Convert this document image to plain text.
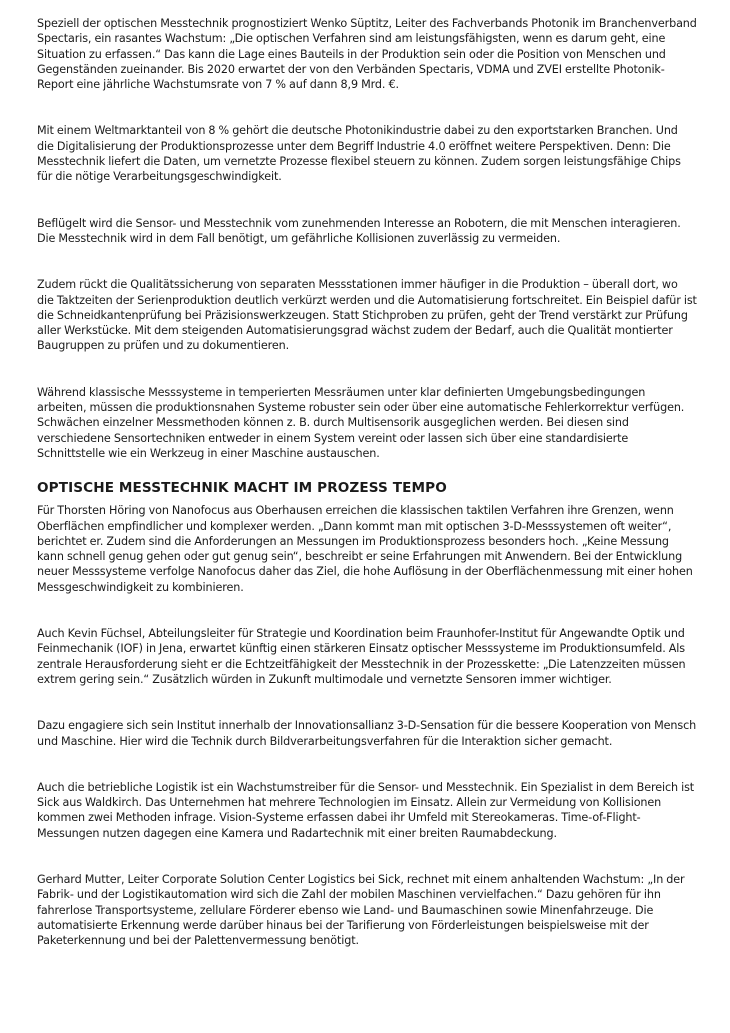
Speziell der optischen Messtechnik prognostiziert Wenko Süptitz, Leiter des Fachverbands Photonik im Branchenverband Spectaris, ein rasantes Wachstum: „Die optischen Verfahren sind am leistungsfähigsten, wenn es darum geht, eine Situation zu erfassen.“ Das kann die Lage eines Bauteils in der Produktion sein oder die Position von Menschen und Gegenständen zueinander. Bis 2020 erwartet der von den Verbänden Spectaris, VDMA und ZVEI erstellte Photonik-Report eine jährliche Wachstumsrate von 7 % auf dann 8,9 Mrd. €.

Mit einem Weltmarktanteil von 8 % gehört die deutsche Photonikindustrie dabei zu den exportstarken Branchen. Und die Digitalisierung der Produktionsprozesse unter dem Begriff Industrie 4.0 eröffnet weitere Perspektiven. Denn: Die Messtechnik liefert die Daten, um vernetzte Prozesse flexibel steuern zu können. Zudem sorgen leistungsfähige Chips für die nötige Verarbeitungsgeschwindigkeit.

Beflügelt wird die Sensor- und Messtechnik vom zunehmenden Interesse an Robotern, die mit Menschen interagieren. Die Messtechnik wird in dem Fall benötigt, um gefährliche Kollisionen zuverlässig zu vermeiden.

Zudem rückt die Qualitätssicherung von separaten Messstationen immer häufiger in die Produktion – überall dort, wo die Taktzeiten der Serienproduktion deutlich verkürzt werden und die Automatisierung fortschreitet. Ein Beispiel dafür ist die Schneidkantenprüfung bei Präzisionswerkzeugen. Statt Stichproben zu prüfen, geht der Trend verstärkt zur Prüfung aller Werkstücke. Mit dem steigenden Automatisierungsgrad wächst zudem der Bedarf, auch die Qualität montierter Baugruppen zu prüfen und zu dokumentieren.

Während klassische Messsysteme in temperierten Messräumen unter klar definierten Umgebungsbedingungen arbeiten, müssen die produktionsnahen Systeme robuster sein oder über eine automatische Fehlerkorrektur verfügen. Schwächen einzelner Messmethoden können z. B. durch Multisensorik ausgeglichen werden. Bei diesen sind verschiedene Sensortechniken entweder in einem System vereint oder lassen sich über eine standardisierte Schnittstelle wie ein Werkzeug in einer Maschine austauschen.

OPTISCHE MESSTECHNIK MACHT IM PROZESS TEMPO

Für Thorsten Höring von Nanofocus aus Oberhausen erreichen die klassischen taktilen Verfahren ihre Grenzen, wenn Oberflächen empfindlicher und komplexer werden. „Dann kommt man mit optischen 3-D-Messsystemen oft weiter“, berichtet er. Zudem sind die Anforderungen an Messungen im Produktionsprozess besonders hoch. „Keine Messung kann schnell genug gehen oder gut genug sein“, beschreibt er seine Erfahrungen mit Anwendern. Bei der Entwicklung neuer Messsysteme verfolge Nanofocus daher das Ziel, die hohe Auflösung in der Oberflächenmessung mit einer hohen Messgeschwindigkeit zu kombinieren.

Auch Kevin Füchsel, Abteilungsleiter für Strategie und Koordination beim Fraunhofer-Institut für Angewandte Optik und Feinmechanik (IOF) in Jena, erwartet künftig einen stärkeren Einsatz optischer Messsysteme im Produktionsumfeld. Als zentrale Herausforderung sieht er die Echtzeitfähigkeit der Messtechnik in der Prozesskette: „Die Latenzzeiten müssen extrem gering sein.“ Zusätzlich würden in Zukunft multimodale und vernetzte Sensoren immer wichtiger.

Dazu engagiere sich sein Institut innerhalb der Innovationsallianz 3-D-Sensation für die bessere Kooperation von Mensch und Maschine. Hier wird die Technik durch Bildverarbeitungsverfahren für die Interaktion sicher gemacht.

Auch die betriebliche Logistik ist ein Wachstumstreiber für die Sensor- und Messtechnik. Ein Spezialist in dem Bereich ist Sick aus Waldkirch. Das Unternehmen hat mehrere Technologien im Einsatz. Allein zur Vermeidung von Kollisionen kommen zwei Methoden infrage. Vision-Systeme erfassen dabei ihr Umfeld mit Stereokameras. Time-of-Flight-Messungen nutzen dagegen eine Kamera und Radartechnik mit einer breiten Raumabdeckung.

Gerhard Mutter, Leiter Corporate Solution Center Logistics bei Sick, rechnet mit einem anhaltenden Wachstum: „In der Fabrik- und der Logistikautomation wird sich die Zahl der mobilen Maschinen vervielfachen.“ Dazu gehören für ihn fahrerlose Transportsysteme, zellulare Förderer ebenso wie Land- und Baumaschinen sowie Minenfahrzeuge. Die automatisierte Erkennung werde darüber hinaus bei der Tarifierung von Förderleistungen beispielsweise mit der Paketerkennung und bei der Palettenvermessung benötigt.
